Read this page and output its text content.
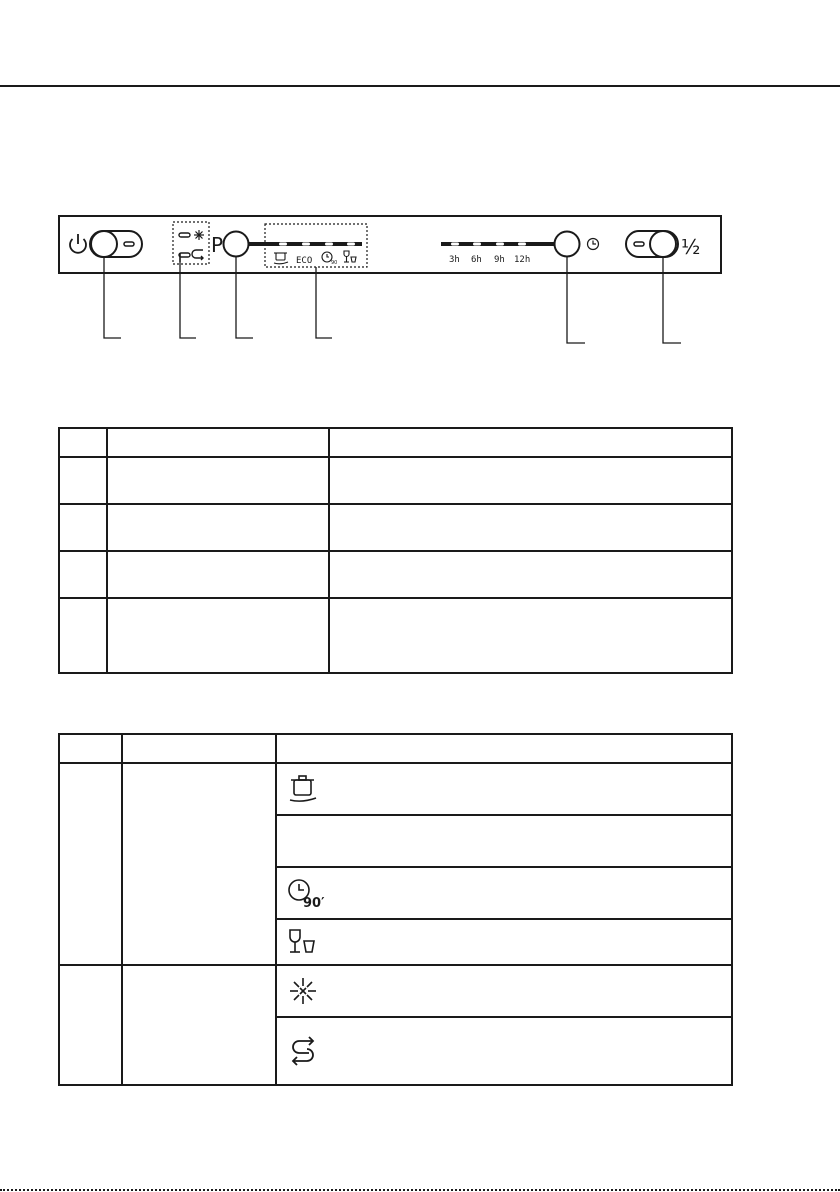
P
ECO	90	3h 6h 9h 12h
½

90′
